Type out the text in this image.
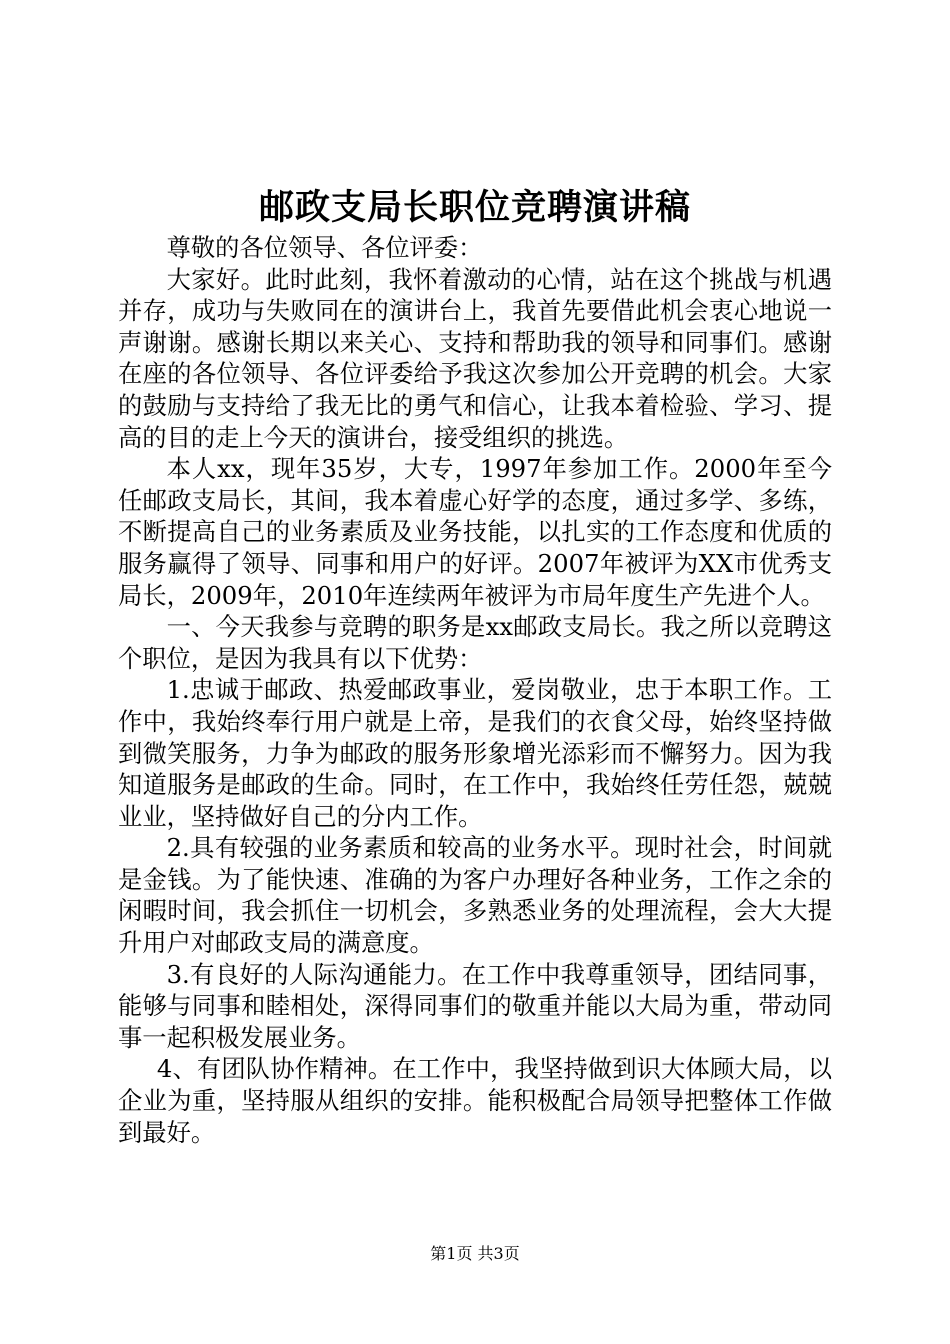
邮政支局长职位竞聘演讲稿

尊敬的各位领导、各位评委：

大家好。此时此刻，我怀着激动的心情，站在这个挑战与机遇并存，成功与失败同在的演讲台上，我首先要借此机会衷心地说一声谢谢。感谢长期以来关心、支持和帮助我的领导和同事们。感谢在座的各位领导、各位评委给予我这次参加公开竞聘的机会。大家的鼓励与支持给了我无比的勇气和信心，让我本着检验、学习、提高的目的走上今天的演讲台，接受组织的挑选。

本人xx，现年35岁，大专，1997年参加工作。2000年至今任邮政支局长，其间，我本着虚心好学的态度，通过多学、多练，不断提高自己的业务素质及业务技能，以扎实的工作态度和优质的服务赢得了领导、同事和用户的好评。2007年被评为XX市优秀支局长，2009年，2010年连续两年被评为市局年度生产先进个人。

一、今天我参与竞聘的职务是xx邮政支局长。我之所以竞聘这个职位，是因为我具有以下优势：

1.忠诚于邮政、热爱邮政事业，爱岗敬业，忠于本职工作。工作中，我始终奉行用户就是上帝，是我们的衣食父母，始终坚持做到微笑服务，力争为邮政的服务形象增光添彩而不懈努力。因为我知道服务是邮政的生命。同时，在工作中，我始终任劳任怨，兢兢业业，坚持做好自己的分内工作。

2.具有较强的业务素质和较高的业务水平。现时社会，时间就是金钱。为了能快速、准确的为客户办理好各种业务，工作之余的闲暇时间，我会抓住一切机会，多熟悉业务的处理流程，会大大提升用户对邮政支局的满意度。

3.有良好的人际沟通能力。在工作中我尊重领导，团结同事，能够与同事和睦相处，深得同事们的敬重并能以大局为重，带动同事一起积极发展业务。

4、有团队协作精神。在工作中，我坚持做到识大体顾大局，以企业为重，坚持服从组织的安排。能积极配合局领导把整体工作做到最好。

第1页 共3页
